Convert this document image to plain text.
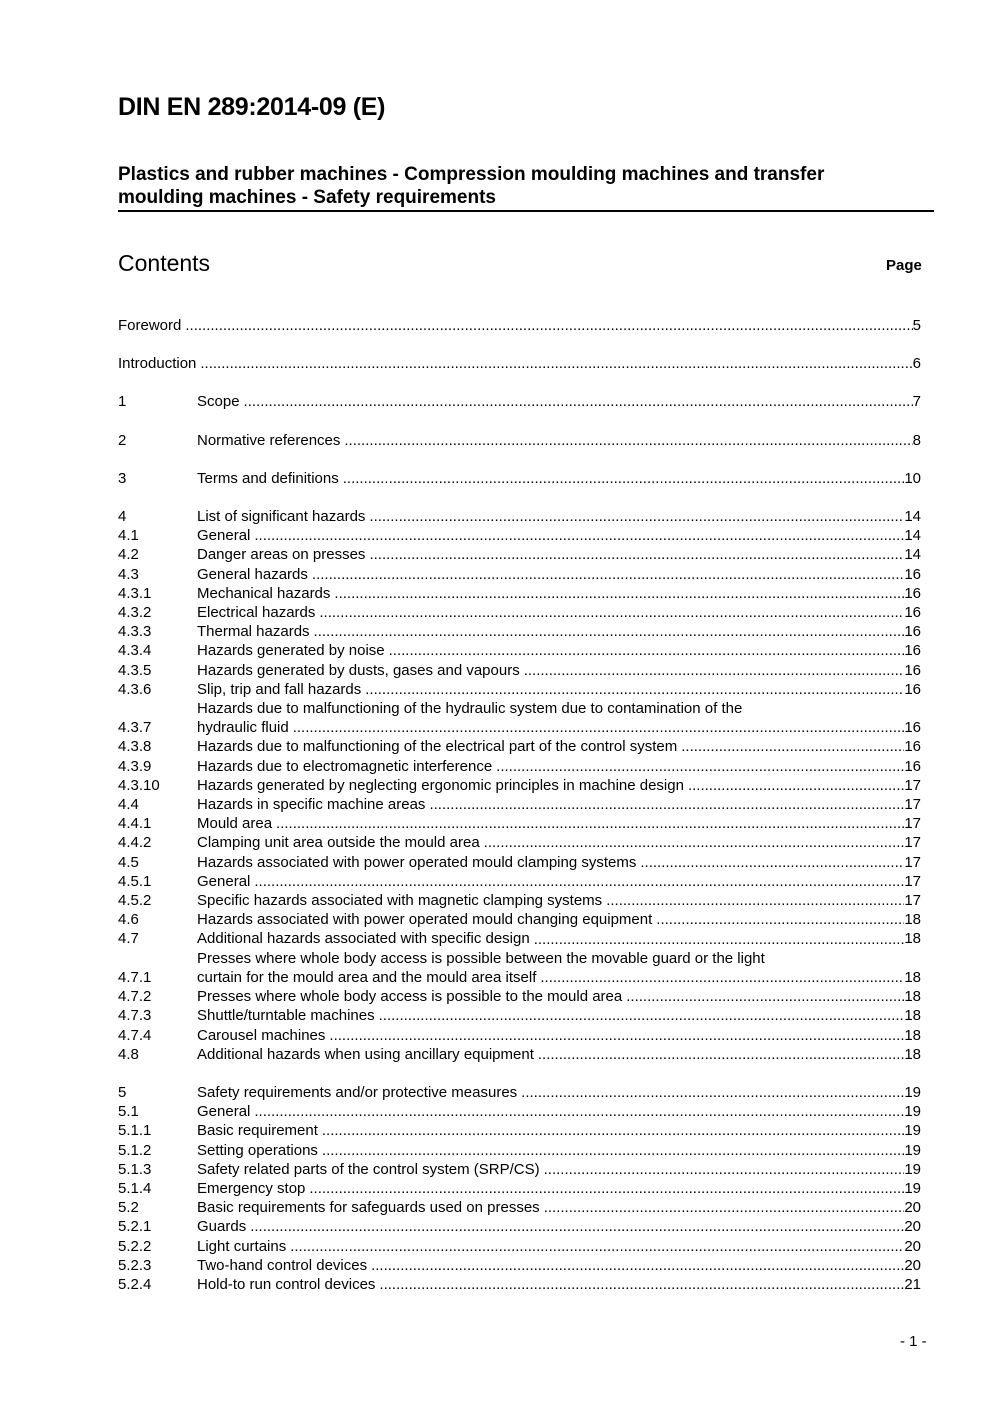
DIN EN 289:2014-09 (E)
Plastics and rubber machines - Compression moulding machines and transfer
moulding machines - Safety requirements
Contents	Page
Foreword .....	5
Introduction .....	6
1	Scope .....	7
2	Normative references .....	8
3	Terms and definitions .....	10
4	List of significant hazards .....	14
4.1	General .....	14
4.2	Danger areas on presses .....	14
4.3	General hazards .....	16
4.3.1	Mechanical hazards .....	16
4.3.2	Electrical hazards .....	16
4.3.3	Thermal hazards .....	16
4.3.4	Hazards generated by noise .....	16
4.3.5	Hazards generated by dusts, gases and vapours .....	16
4.3.6	Slip, trip and fall hazards .....	16
4.3.7
Hazards due to malfunctioning of the hydraulic system due to contamination of the
hydraulic fluid .....	16
4.3.8	Hazards due to malfunctioning of the electrical part of the control system .....	16
4.3.9	Hazards due to electromagnetic interference .....	16
4.3.10	Hazards generated by neglecting ergonomic principles in machine design .....	17
4.4	Hazards in specific machine areas .....	17
4.4.1	Mould area .....	17
4.4.2	Clamping unit area outside the mould area .....	17
4.5	Hazards associated with power operated mould clamping systems .....	17
4.5.1	General .....	17
4.5.2	Specific hazards associated with magnetic clamping systems .....	17
4.6	Hazards associated with power operated mould changing equipment .....	18
4.7	Additional hazards associated with specific design .....	18
4.7.1
Presses where whole body access is possible between the movable guard or the light
curtain for the mould area and the mould area itself .....	18
4.7.2	Presses where whole body access is possible to the mould area .....	18
4.7.3	Shuttle/turntable machines .....	18
4.7.4	Carousel machines .....	18
4.8	Additional hazards when using ancillary equipment .....	18
5	Safety requirements and/or protective measures .....	19
5.1	General .....	19
5.1.1	Basic requirement .....	19
5.1.2	Setting operations .....	19
5.1.3	Safety related parts of the control system (SRP/CS) .....	19
5.1.4	Emergency stop .....	19
5.2	Basic requirements for safeguards used on presses .....	20
5.2.1	Guards .....	20
5.2.2	Light curtains .....	20
5.2.3	Two-hand control devices .....	20
5.2.4	Hold-to run control devices .....	21
- 1 -
